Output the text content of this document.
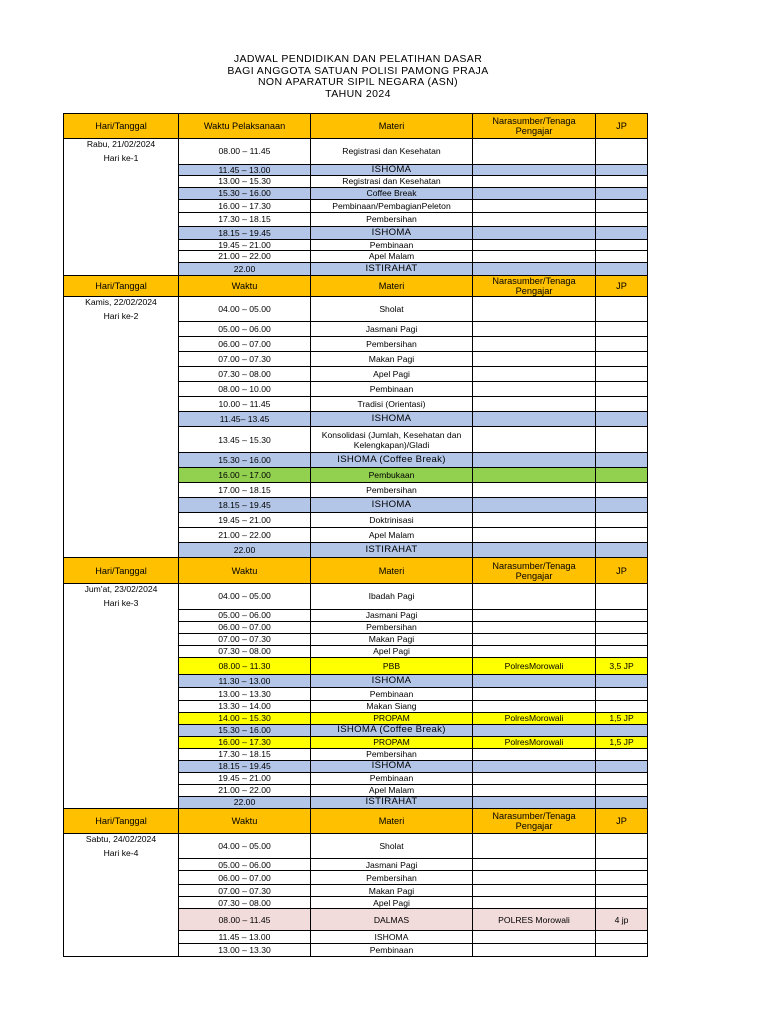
JADWAL PENDIDIKAN DAN PELATIHAN DASAR
BAGI ANGGOTA SATUAN POLISI PAMONG PRAJA
NON APARATUR SIPIL NEGARA (ASN)
TAHUN 2024
Hari/Tanggal	Waktu Pelaksanaan	Materi	Narasumber/Tenaga Pengajar	JP

Rabu, 21/02/2024
Hari ke-1	08.00 – 11.45	Registrasi dan Kesehatan		
	11.45 – 13.00	ISHOMA		
	13.00 – 15.30	Registrasi dan Kesehatan		
	15.30 – 16.00	Coffee Break		
	16.00 – 17.30	Pembinaan/PembagianPeleton		
	17.30 – 18.15	Pembersihan		
	18.15 – 19.45	ISHOMA		
	19.45 – 21.00	Pembinaan		
	21.00 – 22.00	Apel Malam		
	22.00	ISTIRAHAT		
Hari/Tanggal	Waktu	Materi	Narasumber/Tenaga Pengajar	JP

Kamis, 22/02/2024
Hari ke-2	04.00 – 05.00	Sholat		
	05.00 – 06.00	Jasmani Pagi		
	06.00 – 07.00	Pembersihan		
	07.00 – 07.30	Makan Pagi		
	07.30 – 08.00	Apel Pagi		
	08.00 – 10.00	Pembinaan		
	10.00 – 11.45	Tradisi (Orientasi)		
	11.45– 13.45	ISHOMA		
	13.45 – 15.30	Konsolidasi (Jumlah, Kesehatan dan Kelengkapan)/Gladi		
	15.30 – 16.00	ISHOMA (Coffee Break)		
	16.00 – 17.00	Pembukaan		
	17.00 – 18.15	Pembersihan		
	18.15 – 19.45	ISHOMA		
	19.45 – 21.00	Doktrinisasi		
	21.00 – 22.00	Apel Malam		
	22.00	ISTIRAHAT		
Hari/Tanggal	Waktu	Materi	Narasumber/Tenaga Pengajar	JP

Jum'at, 23/02/2024
Hari ke-3	04.00 – 05.00	Ibadah Pagi		
	05.00 – 06.00	Jasmani Pagi		
	06.00 – 07.00	Pembersihan		
	07.00 – 07.30	Makan Pagi		
	07.30 – 08.00	Apel Pagi		
	08.00 – 11.30	PBB	PolresMorowali	3,5 JP
	11.30 – 13.00	ISHOMA		
	13.00 – 13.30	Pembinaan		
	13.30 – 14.00	Makan Siang		
	14.00 – 15.30	PROPAM	PolresMorowali	1,5 JP
	15.30 – 16.00	ISHOMA (Coffee Break)		
	16.00 – 17.30	PROPAM	PolresMorowali	1,5 JP
	17.30 – 18.15	Pembersihan		
	18.15 – 19.45	ISHOMA		
	19.45 – 21.00	Pembinaan		
	21.00 – 22.00	Apel Malam		
	22.00	ISTIRAHAT		
Hari/Tanggal	Waktu	Materi	Narasumber/Tenaga Pengajar	JP

Sabtu, 24/02/2024
Hari ke-4	04.00 – 05.00	Sholat		
	05.00 – 06.00	Jasmani Pagi		
	06.00 – 07.00	Pembersihan		
	07.00 – 07.30	Makan Pagi		
	07.30 – 08.00	Apel Pagi		
	08.00 – 11.45	DALMAS	POLRES Morowali	4 jp
	11.45 – 13.00	ISHOMA		
	13.00 – 13.30	Pembinaan		
